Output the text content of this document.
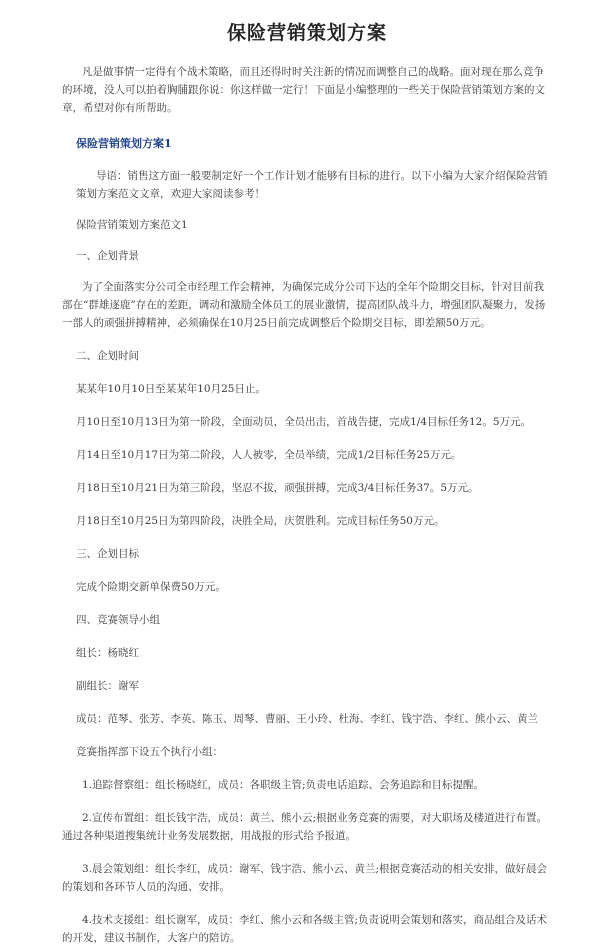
保险营销策划方案

凡是做事情一定得有个战术策略，而且还得时时关注新的情况而调整自己的战略。面对现在那么竞争的环境，没人可以拍着胸脯跟你说：你这样做一定行！下面是小编整理的一些关于保险营销策划方案的文章，希望对你有所帮助。

保险营销策划方案1

导语：销售这方面一般要制定好一个工作计划才能够有目标的进行。以下小编为大家介绍保险营销策划方案范文文章，欢迎大家阅读参考！

保险营销策划方案范文1

一、企划背景

为了全面落实分公司全市经理工作会精神，为确保完成分公司下达的全年个险期交目标，针对目前我部在“群雄逐鹿”存在的差距，调动和激励全体员工的展业激情，提高团队战斗力，增强团队凝聚力，发扬一部人的顽强拼搏精神，必须确保在10月25日前完成调整后个险期交目标，即差额50万元。

二、企划时间

某某年10月10日至某某年10月25日止。

月10日至10月13日为第一阶段，全面动员，全员出击，首战告捷，完成1/4目标任务12。5万元。

月14日至10月17日为第二阶段，人人被零，全员举绩，完成1/2目标任务25万元。

月18日至10月21日为第三阶段，坚忍不拔，顽强拼搏，完成3/4目标任务37。5万元。

月18日至10月25日为第四阶段，决胜全局，庆贺胜利。完成目标任务50万元。

三、企划目标

完成个险期交新单保费50万元。

四、竞赛领导小组

组长：杨晓红

副组长：谢军

成员：范琴、张芳、李英、陈玉、周琴、曹丽、王小玲、杜海、李红、钱宇浩、李红、熊小云、黄兰

竞赛指挥部下设五个执行小组：

1.追踪督察组：组长杨晓红，成员：各职级主管;负责电话追踪、会务追踪和目标提醒。

2.宣传布置组：组长钱宇浩，成员：黄兰、熊小云;根据业务竞赛的需要，对大职场及楼道进行布置。通过各种渠道搜集统计业务发展数据，用战报的形式给予报道。

3.晨会策划组：组长李红，成员：谢军、钱宇浩、熊小云、黄兰;根据竞赛活动的相关安排，做好晨会的策划和各环节人员的沟通、安排。

4.技术支援组：组长谢军，成员：李红、熊小云和各级主管;负责说明会策划和落实，商品组合及话术的开发，建议书制作，大客户的陪访。
